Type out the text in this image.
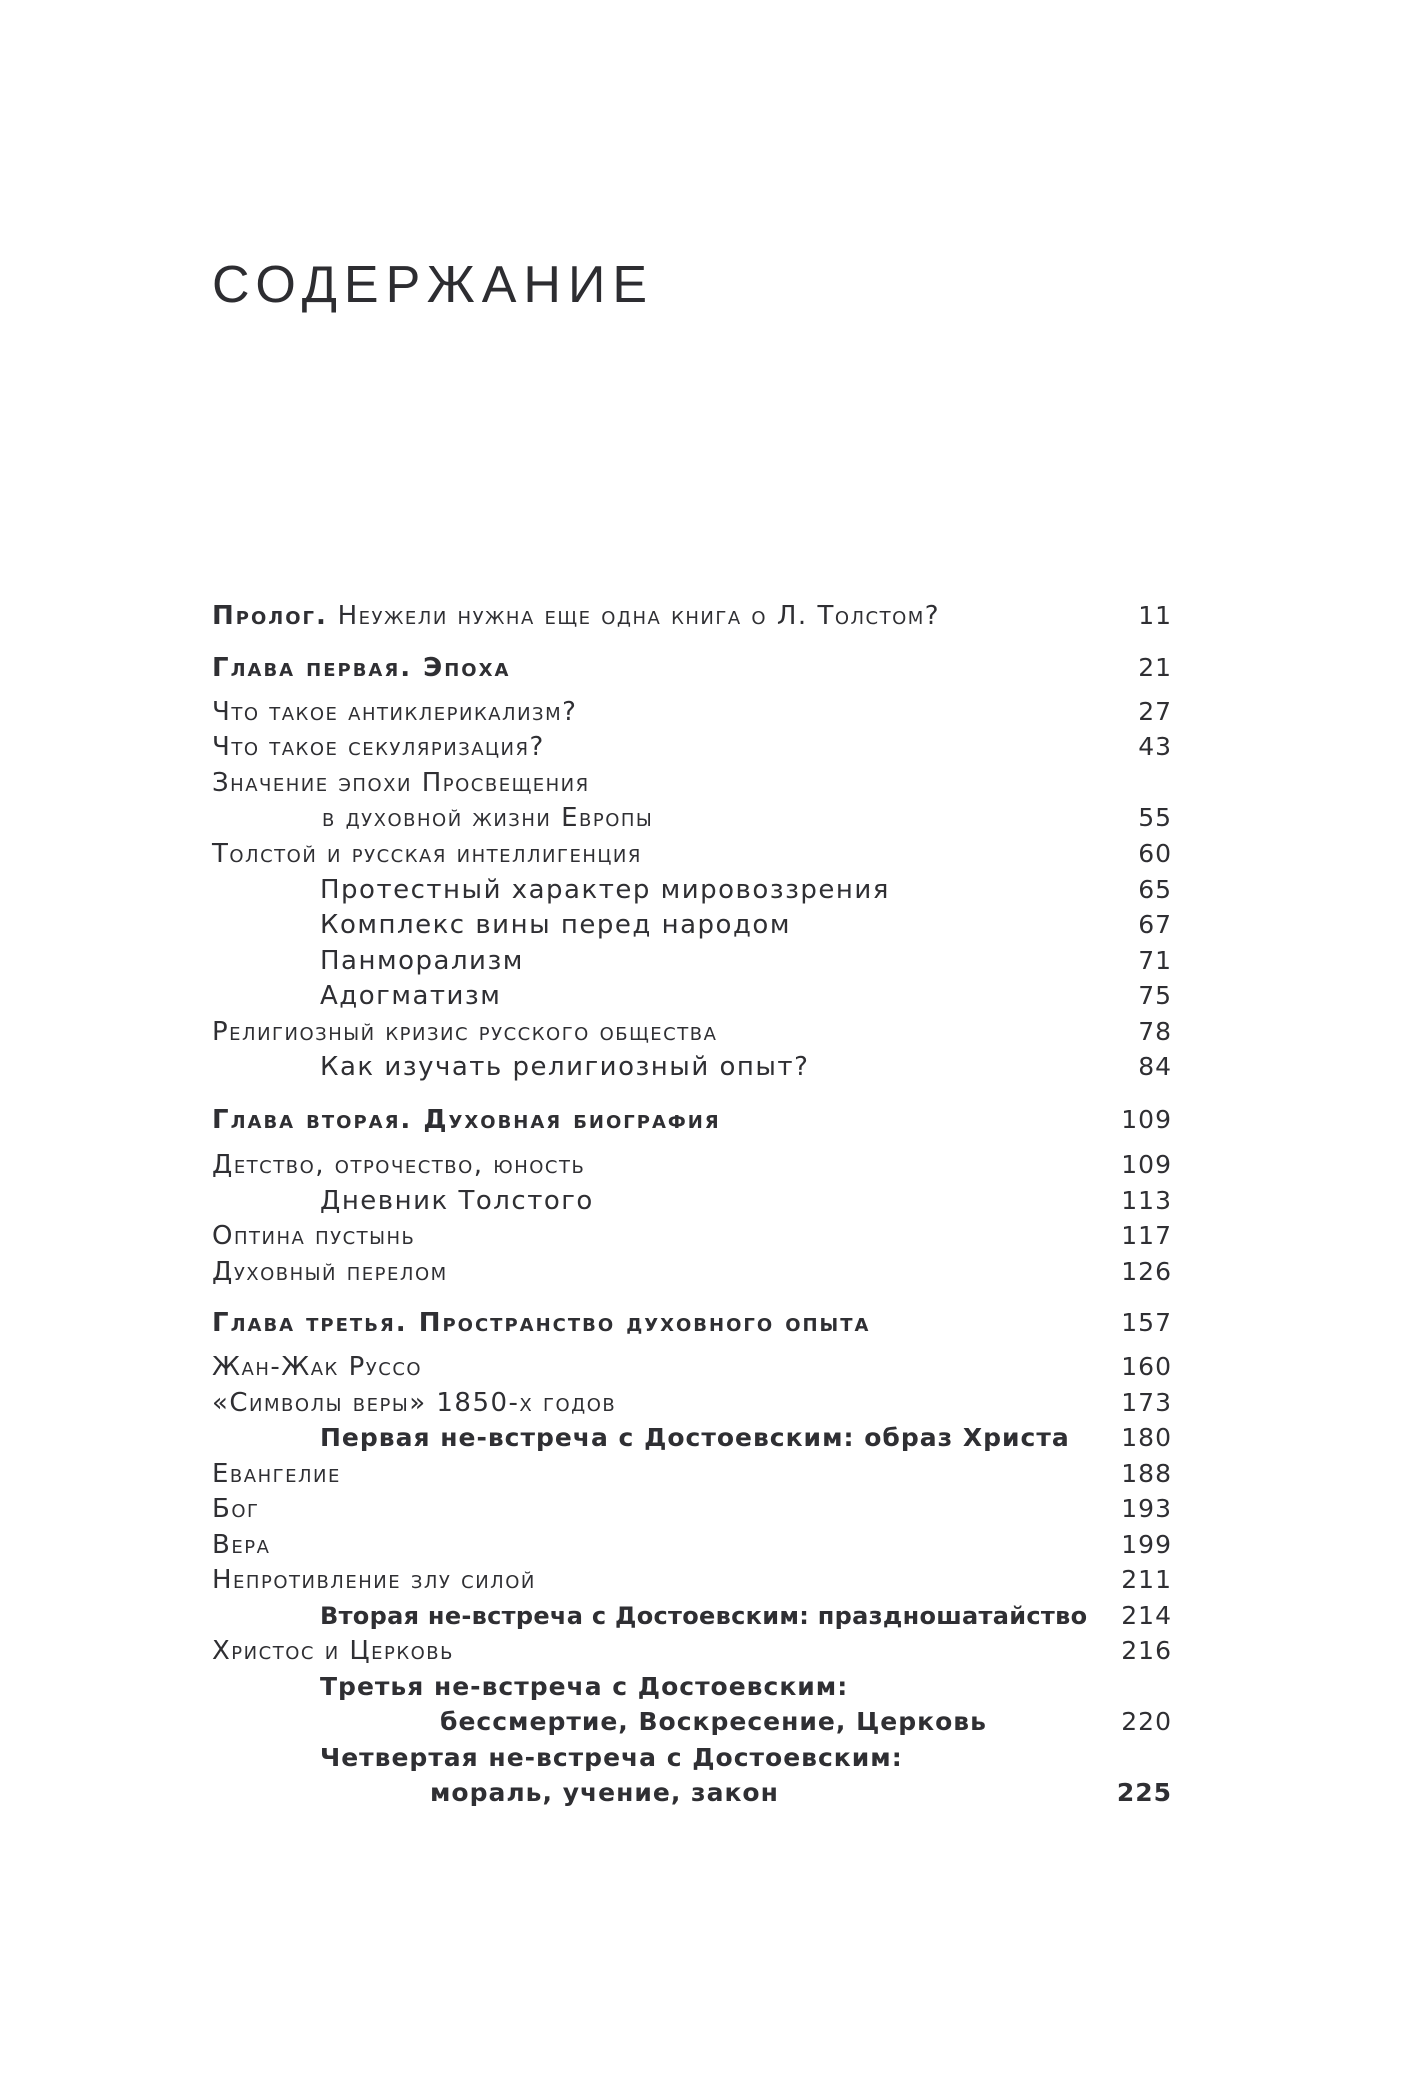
СОДЕРЖАНИЕ
Пролог. Неужели нужна еще одна книга о Л. Толстом?	11
Глава первая. Эпоха	21
Что такое антиклерикализм?	27
Что такое секуляризация?	43
Значение эпохи Просвещения
в духовной жизни Европы	55
Толстой и русская интеллигенция	60
Протестный характер мировоззрения	65
Комплекс вины перед народом	67
Панморализм	71
Адогматизм	75
Религиозный кризис русского общества	78
Как изучать религиозный опыт?	84
Глава вторая. Духовная биография	109
Детство, отрочество, юность	109
Дневник Толстого	113
Оптина пустынь	117
Духовный перелом	126
Глава третья. Пространство духовного опыта	157
Жан-Жак Руссо	160
«Символы веры» 1850-х годов	173
Первая не-встреча с Достоевским: образ Христа 180
Евангелие	188
Бог	193
Вера	199
Непротивление злу силой	211
Вторая не-встреча с Достоевским: праздношатайство 214
Христос и Церковь	216
Третья не-встреча с Достоевским:
бессмертие, Воскресение, Церковь	220
Четвертая не-встреча с Достоевским:
мораль, учение, закон	225
